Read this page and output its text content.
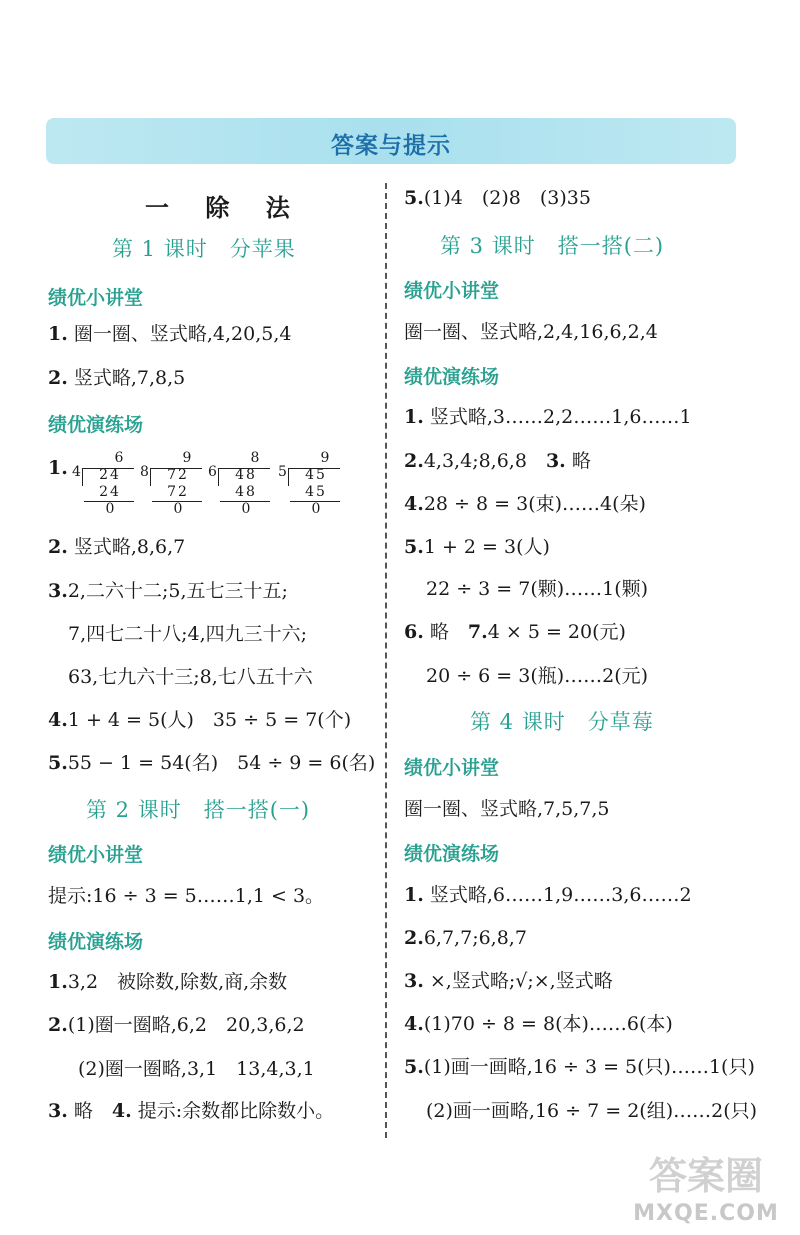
答案与提示
一 除 法
第 1 课时　分苹果
绩优小讲堂
1. 圈一圈、竖式略,4,20,5,4
2. 竖式略,7,8,5
绩优演练场
1.	6
4	24
24
0
9
8	72
72
0
8
6	48
48
0
9
5	45
45
0
2. 竖式略,8,6,7
3.2,二六十二;5,五七三十五;
7,四七二十八;4,四九三十六;
63,七九六十三;8,七八五十六
4.1 + 4 = 5(人)　35 ÷ 5 = 7(个)
5.55 − 1 = 54(名)　54 ÷ 9 = 6(名)
第 2 课时　搭一搭(一)
绩优小讲堂
提示:16 ÷ 3 = 5……1,1 < 3。
绩优演练场
1.3,2　被除数,除数,商,余数
2.(1)圈一圈略,6,2　20,3,6,2
(2)圈一圈略,3,1　13,4,3,1
3. 略　4. 提示:余数都比除数小。
5.(1)4　(2)8　(3)35
第 3 课时　搭一搭(二)
绩优小讲堂
圈一圈、竖式略,2,4,16,6,2,4
绩优演练场
1. 竖式略,3……2,2……1,6……1
2.4,3,4;8,6,8　3. 略
4.28 ÷ 8 = 3(束)……4(朵)
5.1 + 2 = 3(人)
22 ÷ 3 = 7(颗)……1(颗)
6. 略　7.4 × 5 = 20(元)
20 ÷ 6 = 3(瓶)……2(元)
第 4 课时　分草莓
绩优小讲堂
圈一圈、竖式略,7,5,7,5
绩优演练场
1. 竖式略,6……1,9……3,6……2
2.6,7,7;6,8,7
3. ×,竖式略;√;×,竖式略
4.(1)70 ÷ 8 = 8(本)……6(本)
5.(1)画一画略,16 ÷ 3 = 5(只)……1(只)
(2)画一画略,16 ÷ 7 = 2(组)……2(只)
答案圈
MXQE.COM
